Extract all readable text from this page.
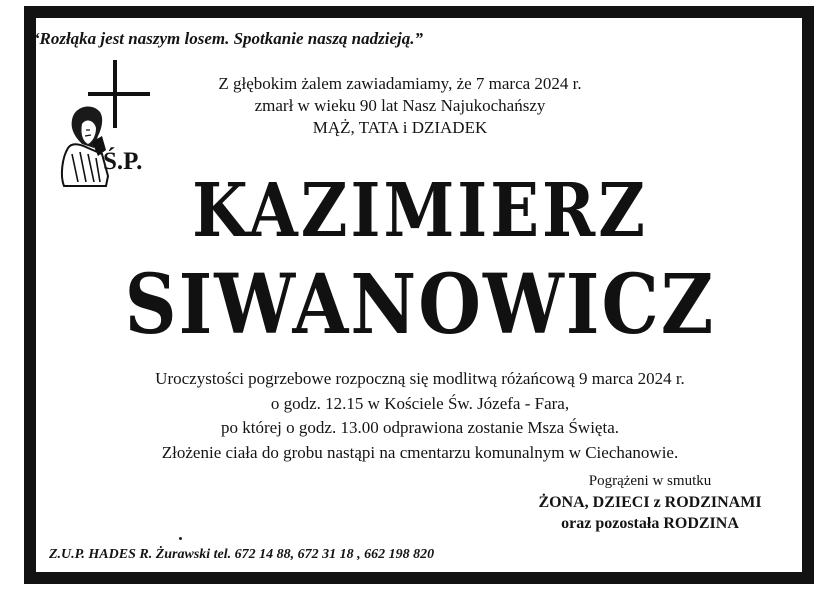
“Rozłąka jest naszym losem. Spotkanie naszą nadzieją.”
Z głębokim żalem zawiadamiamy, że 7 marca 2024 r.
zmarł w wieku 90 lat Nasz Najukochańszy
MĄŻ, TATA i DZIADEK
Ś.P.
KAZIMIERZ
SIWANOWICZ
Uroczystości pogrzebowe rozpoczną się modlitwą różańcową 9 marca 2024 r.
o godz. 12.15 w Kościele Św. Józefa - Fara,
po której o godz. 13.00 odprawiona zostanie Msza Święta.
Złożenie ciała do grobu nastąpi na cmentarzu komunalnym w Ciechanowie.
Pogrążeni w smutku
ŻONA, DZIECI z RODZINAMI
oraz pozostała RODZINA
Z.U.P. HADES R. Żurawski tel. 672 14 88, 672 31 18 , 662 198 820
